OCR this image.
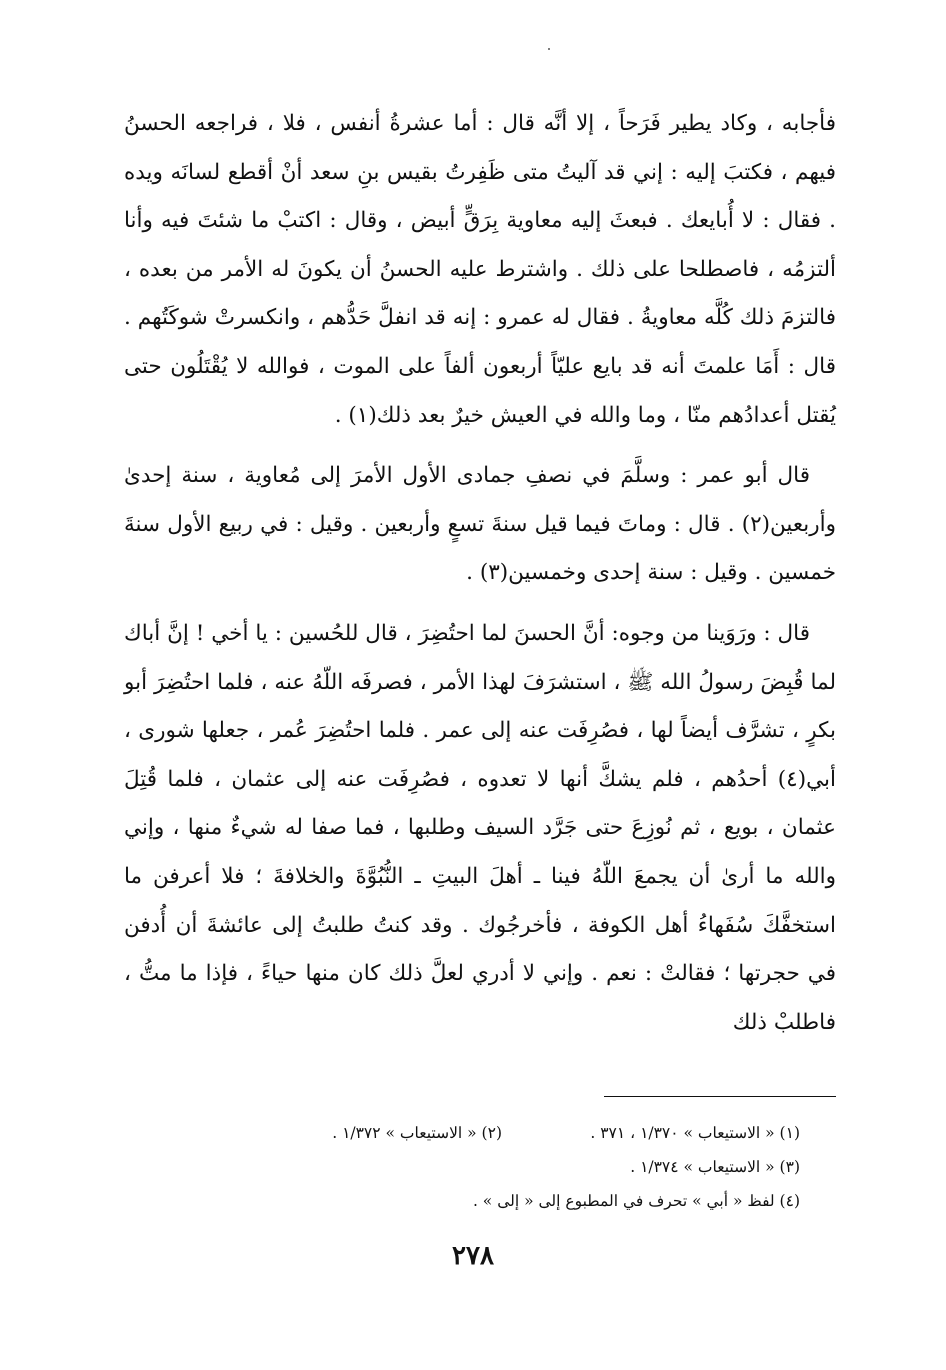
فأجابه ، وكاد يطير فَرَحاً ، إلا أنَّه قال : أما عشرةُ أنفس ، فلا ، فراجعه الحسنُ فيهم ، فكتبَ إليه : إني قد آليتُ متى ظَفِرتُ بقيس بنِ سعد أنْ أقطع لسانَه ويده . فقال : لا أُبايعك . فبعثَ إليه معاوية بِرَقٍّ أبيض ، وقال : اكتبْ ما شئتَ فيه وأنا ألتزمُه ، فاصطلحا على ذلك . واشترط عليه الحسنُ أن يكونَ له الأمر من بعده ، فالتزمَ ذلك كُلَّه معاويةُ . فقال له عمرو : إنه قد انفلَّ حَدُّهم ، وانكسرتْ شوكَتُهم . قال : أَمَا علمتَ أنه قد بايع عليّاً أربعون ألفاً على الموت ، فوالله لا يُقْتَلُون حتى يُقتل أعدادُهم منّا ، وما والله في العيش خيرٌ بعد ذلك(١) .

قال أبو عمر : وسلَّمَ في نصفِ جمادى الأول الأمرَ إلى مُعاوية ، سنة إحدىٰ وأربعين(٢) . قال : وماتَ فيما قيل سنةَ تسعٍ وأربعين . وقيل : في ربيع الأول سنةَ خمسين . وقيل : سنة إحدى وخمسين(٣) .

قال : ورَوَينا من وجوه: أنَّ الحسنَ لما احتُضِرَ ، قال للحُسين : يا أخي ! إنَّ أباك لما قُبِضَ رسولُ الله ﷺ ، استشرَفَ لهذا الأمر ، فصرفَه اللّهُ عنه ، فلما احتُضِرَ أبو بكرٍ ، تشرَّف أيضاً لها ، فصُرِفَت عنه إلى عمر . فلما احتُضِرَ عُمر ، جعلها شورى ، أبي(٤) أحدُهم ، فلم يشكَّ أنها لا تعدوه ، فصُرِفَت عنه إلى عثمان ، فلما قُتِلَ عثمان ، بويع ، ثم نُوزِعَ حتى جَرَّد السيف وطلبها ، فما صفا له شيءٌ منها ، وإني والله ما أرىٰ أن يجمعَ اللّهُ فينا ـ أهلَ البيتِ ـ النُّبُوَّةَ والخلافةَ ؛ فلا أعرفن ما استخفَّكَ سُفَهاءُ أهل الكوفة ، فأخرجُوك . وقد كنتُ طلبتُ إلى عائشةَ أن أُدفن في حجرتها ؛ فقالتْ : نعم . وإني لا أدري لعلَّ ذلك كان منها حياءً ، فإذا ما متُّ ، فاطلبْ ذلك

(١) « الاستيعاب » ١/٣٧٠ ، ٣٧١ .
(٢) « الاستيعاب » ١/٣٧٢ .
(٣) « الاستيعاب » ١/٣٧٤ .
(٤) لفظ « أبي » تحرف في المطبوع إلى « إلى » .
٢٧٨
